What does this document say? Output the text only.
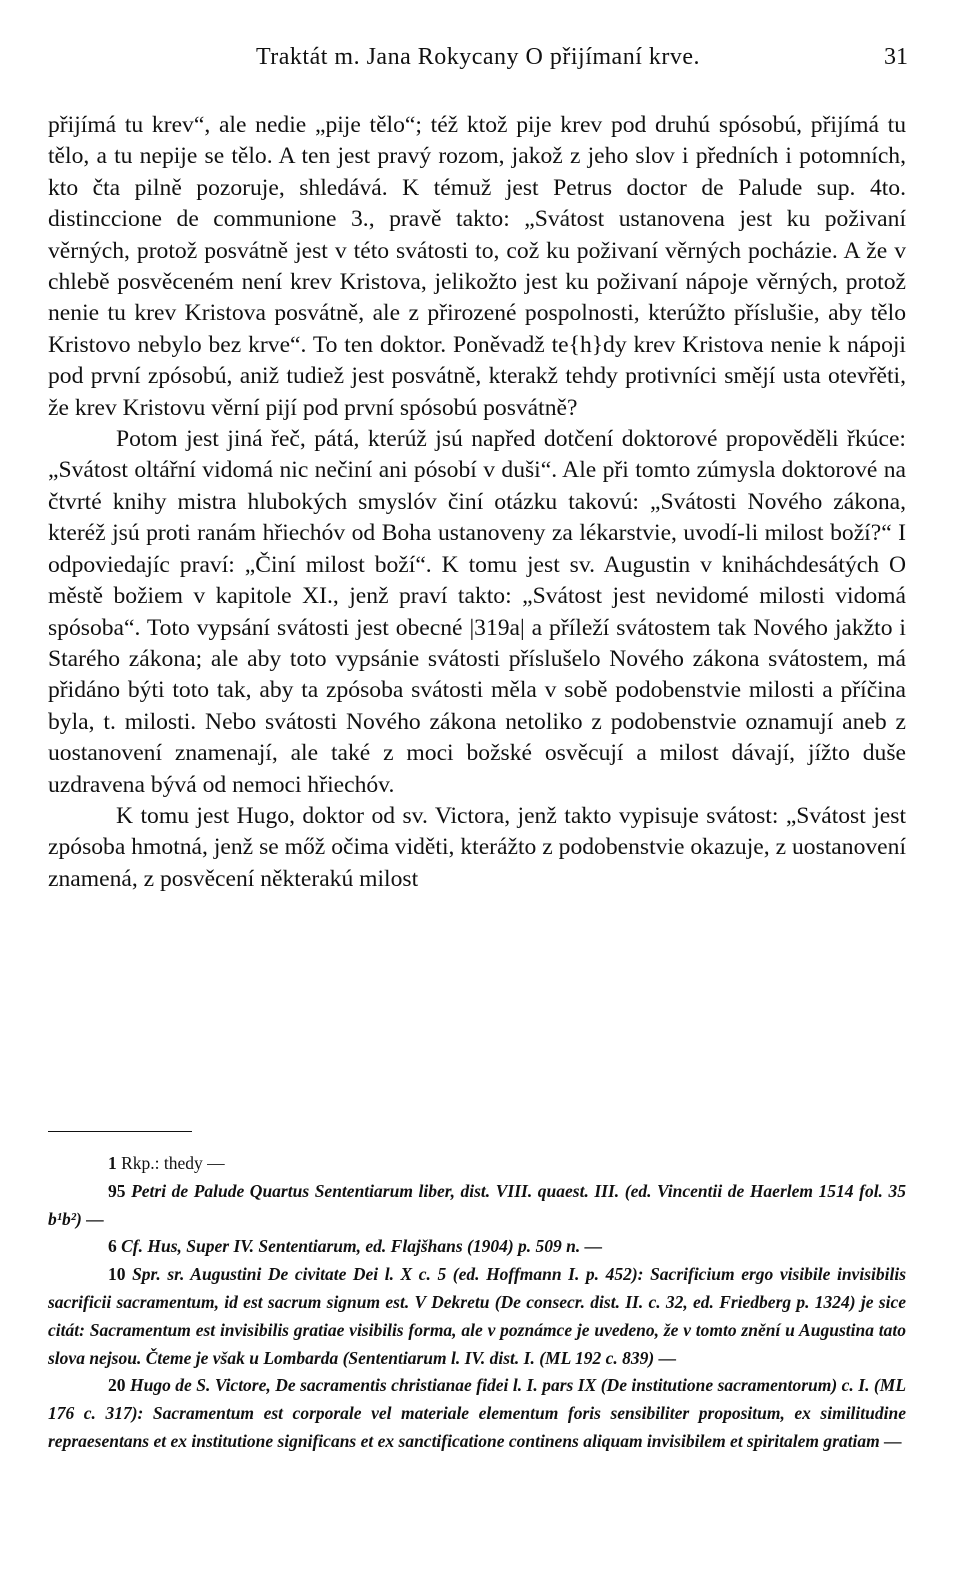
Traktát m. Jana Rokycany O přijímaní krve.	31

přijímá tu krev“, ale nedie „pije tělo“; též ktož pije krev pod druhú spósobú, přijímá tu tělo, a tu nepije se tělo. A ten jest pravý rozom, jakož z jeho slov i předních i potomních, kto čta pilně pozoruje, shledává. K témuž jest Petrus doctor de Palude sup. 4to. distinccione de communione 3., pravě takto: „Svátost ustanovena jest ku poživaní věrných, protož posvátně jest v této svátosti to, což ku poživaní věrných pocházie. A že v chlebě posvěceném není krev Kristova, jelikožto jest ku poživaní nápoje věrných, protož nenie tu krev Kristova posvátně, ale z přirozené pospolnosti, kterúžto příslušie, aby tělo Kristovo nebylo bez krve“. To ten doktor. Poněvadž te{h}dy krev Kristova nenie k nápoji pod první zpósobú, aniž tudiež jest posvátně, kterakž tehdy protivníci smějí usta otevřěti, že krev Kristovu věrní pijí pod první spósobú posvátně?

Potom jest jiná řeč, pátá, kterúž jsú napřed dotčení doktorové propověděli řkúce: „Svátost oltářní vidomá nic nečiní ani pósobí v duši“. Ale při tomto zúmysla doktorové na čtvrté knihy mistra hlubokých smyslóv činí otázku takovú: „Svátosti Nového zákona, kteréž jsú proti ranám hřiechóv od Boha ustanoveny za lékarstvie, uvodí-li milost boží?“ I odpoviedajíc praví: „Činí milost boží“. K tomu jest sv. Augustin v kniháchdesátých O městě božiem v kapitole XI., jenž praví takto: „Svátost jest nevidomé milosti vidomá spósoba“. Toto vypsání svátosti jest obecné |319a| a příleží svátostem tak Nového jakžto i Starého zákona; ale aby toto vypsánie svátosti příslušelo Nového zákona svátostem, má přidáno býti toto tak, aby ta zpósoba svátosti měla v sobě podobenstvie milosti a příčina byla, t. milosti. Nebo svátosti Nového zákona netoliko z podobenstvie oznamují aneb z uostanovení znamenají, ale také z moci božské osvěcují a milost dávají, jížto duše uzdravena bývá od nemoci hřiechóv.

K tomu jest Hugo, doktor od sv. Victora, jenž takto vypisuje svátost: „Svátost jest zpósoba hmotná, jenž se mőž očima viděti, kterážto z podobenstvie okazuje, z uostanovení znamená, z posvěcení některakú milost

1 Rkp.: thedy —

95 Petri de Palude Quartus Sententiarum liber, dist. VIII. quaest. III. (ed. Vincentii de Haerlem 1514 fol. 35 b¹b²) —

6 Cf. Hus, Super IV. Sententiarum, ed. Flajšhans (1904) p. 509 n. —

10 Spr. sr. Augustini De civitate Dei l. X c. 5 (ed. Hoffmann I. p. 452): Sacrificium ergo visibile invisibilis sacrificii sacramentum, id est sacrum signum est. V Dekretu (De consecr. dist. II. c. 32, ed. Friedberg p. 1324) je sice citát: Sacramentum est invisibilis gratiae visibilis forma, ale v poznámce je uvedeno, že v tomto znění u Augustina tato slova nejsou. Čteme je však u Lombarda (Sententiarum l. IV. dist. I. (ML 192 c. 839) —

20 Hugo de S. Victore, De sacramentis christianae fidei l. I. pars IX (De institutione sacramentorum) c. I. (ML 176 c. 317): Sacramentum est corporale vel materiale elementum foris sensibiliter propositum, ex similitudine repraesentans et ex institutione significans et ex sanctificatione continens aliquam invisibilem et spiritalem gratiam —
